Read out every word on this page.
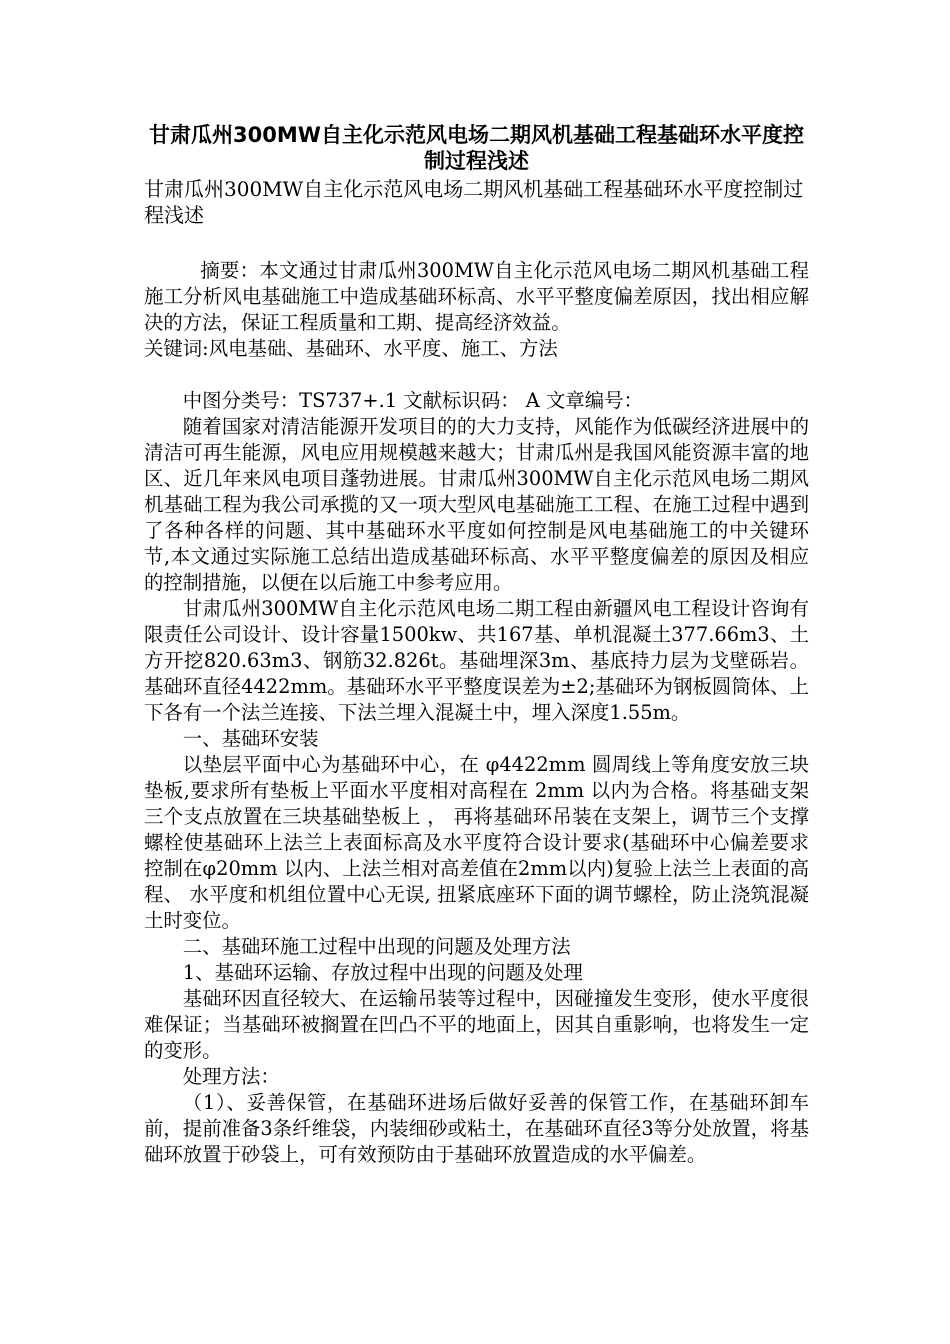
甘肃瓜州300MW自主化示范风电场二期风机基础工程基础环水平度控制过程浅述

甘肃瓜州300MW自主化示范风电场二期风机基础工程基础环水平度控制过程浅述

摘要：本文通过甘肃瓜州300MW自主化示范风电场二期风机基础工程施工分析风电基础施工中造成基础环标高、水平平整度偏差原因，找出相应解决的方法，保证工程质量和工期、提高经济效益。

关键词:风电基础、基础环、水平度、施工、方法

中图分类号：TS737+.1 文献标识码： A 文章编号：

随着国家对清洁能源开发项目的的大力支持，风能作为低碳经济进展中的清洁可再生能源，风电应用规模越来越大；甘肃瓜州是我国风能资源丰富的地区、近几年来风电项目蓬勃进展。甘肃瓜州300MW自主化示范风电场二期风机基础工程为我公司承揽的又一项大型风电基础施工工程、在施工过程中遇到了各种各样的问题、其中基础环水平度如何控制是风电基础施工的中关键环节,本文通过实际施工总结出造成基础环标高、水平平整度偏差的原因及相应的控制措施，以便在以后施工中参考应用。

甘肃瓜州300MW自主化示范风电场二期工程由新疆风电工程设计咨询有限责任公司设计、设计容量1500kw、共167基、单机混凝土377.66m3、土方开挖820.63m3、钢筋32.826t。基础埋深3m、基底持力层为戈壁砾岩。基础环直径4422mm。基础环水平平整度误差为±2;基础环为钢板圆筒体、上下各有一个法兰连接、下法兰埋入混凝土中，埋入深度1.55m。

一、基础环安装

以垫层平面中心为基础环中心，在 φ4422mm 圆周线上等角度安放三块垫板,要求所有垫板上平面水平度相对高程在 2mm 以内为合格。将基础支架三个支点放置在三块基础垫板上 ， 再将基础环吊装在支架上，调节三个支撑螺栓使基础环上法兰上表面标高及水平度符合设计要求(基础环中心偏差要求控制在φ20mm 以内、上法兰相对高差值在2mm以内)复验上法兰上表面的高程、 水平度和机组位置中心无误, 扭紧底座环下面的调节螺栓，防止浇筑混凝土时变位。

二、基础环施工过程中出现的问题及处理方法

1、基础环运输、存放过程中出现的问题及处理

基础环因直径较大、在运输吊装等过程中，因碰撞发生变形，使水平度很难保证；当基础环被搁置在凹凸不平的地面上，因其自重影响，也将发生一定的变形。

处理方法：

（1）、妥善保管，在基础环进场后做好妥善的保管工作，在基础环卸车前，提前准备3条纤维袋，内装细砂或粘土，在基础环直径3等分处放置，将基础环放置于砂袋上，可有效预防由于基础环放置造成的水平偏差。
